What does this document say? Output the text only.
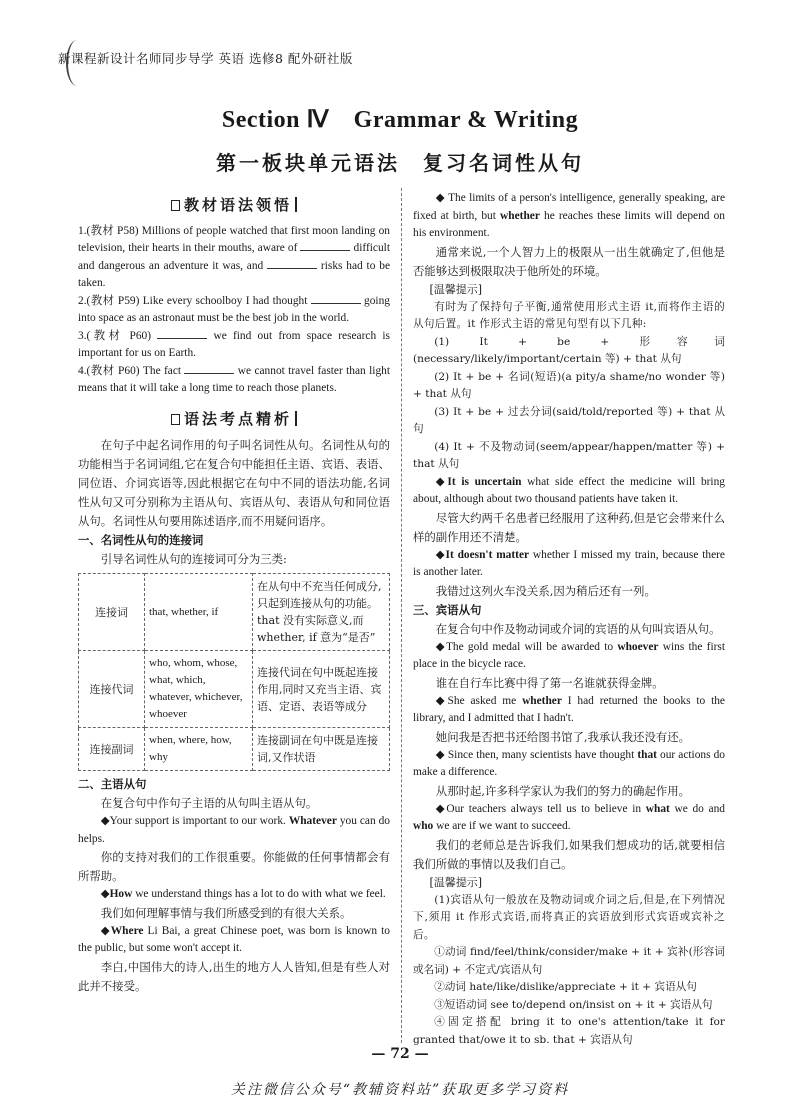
新课程新设计名师同步导学 英语 选修8 配外研社版
Section Ⅳ　Grammar & Writing
第一板块单元语法　复习名词性从句
教材语法领悟

1.(教材 P58) Millions of people watched that first moon landing on television, their hearts in their mouths, aware of	difficult and dangerous an adventure it was, and	risks had to be taken.

2.(教材 P59) Like every schoolboy I had thought	going into space as an astronaut must be the best job in the world.

3.(教材 P60)	we find out from space research is important for us on Earth.

4.(教材 P60) The fact	we cannot travel faster than light means that it will take a long time to reach those planets.

语法考点精析

在句子中起名词作用的句子叫名词性从句。名词性从句的功能相当于名词词组,它在复合句中能担任主语、宾语、表语、同位语、介词宾语等,因此根据它在句中不同的语法功能,名词性从句又可分别称为主语从句、宾语从句、表语从句和同位语从句。名词性从句要用陈述语序,而不用疑问语序。

一、名词性从句的连接词

引导名词性从句的连接词可分为三类:

连接词	that, whether, if	在从句中不充当任何成分,只起到连接从句的功能。that 没有实际意义,而 whether, if 意为“是否”
连接代词	who, whom, whose, what, which, whatever, whichever, whoever	连接代词在句中既起连接作用,同时又充当主语、宾语、定语、表语等成分
连接副词	when, where, how, why	连接副词在句中既是连接词,又作状语
二、主语从句

在复合句中作句子主语的从句叫主语从句。

◆Your support is important to our work. Whatever you can do helps.

你的支持对我们的工作很重要。你能做的任何事情都会有所帮助。

◆How we understand things has a lot to do with what we feel.

我们如何理解事情与我们所感受到的有很大关系。

◆Where Li Bai, a great Chinese poet, was born is known to the public, but some won't accept it.

李白,中国伟大的诗人,出生的地方人人皆知,但是有些人对此并不接受。

◆ The limits of a person's intelligence, generally speaking, are fixed at birth, but whether he reaches these limits will depend on his environment.

通常来说,一个人智力上的极限从一出生就确定了,但他是否能够达到极限取决于他所处的环境。

[温馨提示]

有时为了保持句子平衡,通常使用形式主语 it,而将作主语的从句后置。it 作形式主语的常见句型有以下几种:

(1) It + be + 形容词(necessary/likely/important/certain 等) + that 从句

(2) It + be + 名词(短语)(a pity/a shame/no wonder 等) + that 从句

(3) It + be + 过去分词(said/told/reported 等) + that 从句

(4) It + 不及物动词(seem/appear/happen/matter 等) + that 从句

◆It is uncertain what side effect the medicine will bring about, although about two thousand patients have taken it.

尽管大约两千名患者已经服用了这种药,但是它会带来什么样的副作用还不清楚。

◆It doesn't matter whether I missed my train, because there is another later.

我错过这列火车没关系,因为稍后还有一列。

三、宾语从句

在复合句中作及物动词或介词的宾语的从句叫宾语从句。

◆The gold medal will be awarded to whoever wins the first place in the bicycle race.

谁在自行车比赛中得了第一名谁就获得金牌。

◆She asked me whether I had returned the books to the library, and I admitted that I hadn't.

她问我是否把书还给图书馆了,我承认我还没有还。

◆ Since then, many scientists have thought that our actions do make a difference.

从那时起,许多科学家认为我们的努力的确起作用。

◆Our teachers always tell us to believe in what we do and who we are if we want to succeed.

我们的老师总是告诉我们,如果我们想成功的话,就要相信我们所做的事情以及我们自己。

[温馨提示]

(1)宾语从句一般放在及物动词或介词之后,但是,在下列情况下,须用 it 作形式宾语,而将真正的宾语放到形式宾语或宾补之后。

①动词 find/feel/think/consider/make + it + 宾补(形容词或名词) + 不定式/宾语从句

②动词 hate/like/dislike/appreciate + it + 宾语从句

③短语动词 see to/depend on/insist on + it + 宾语从句

④固定搭配 bring it to one's attention/take it for granted that/owe it to sb. that + 宾语从句

— 72 —
关注微信公众号“教辅资料站”获取更多学习资料
